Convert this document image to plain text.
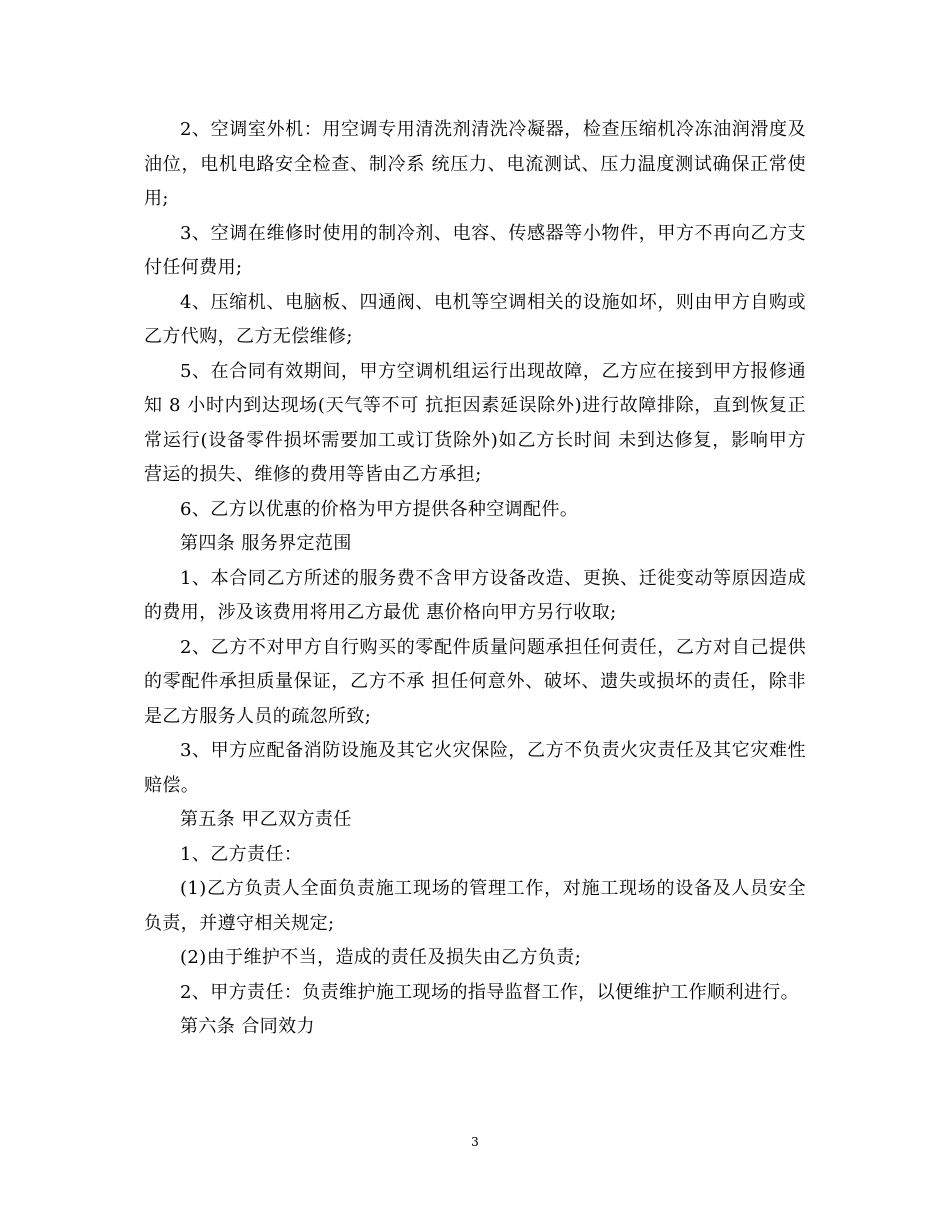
2、空调室外机：用空调专用清洗剂清洗冷凝器，检查压缩机冷冻油润滑度及油位，电机电路安全检查、制冷系 统压力、电流测试、压力温度测试确保正常使用;

3、空调在维修时使用的制冷剂、电容、传感器等小物件，甲方不再向乙方支付任何费用;

4、压缩机、电脑板、四通阀、电机等空调相关的设施如坏，则由甲方自购或乙方代购，乙方无偿维修;

5、在合同有效期间，甲方空调机组运行出现故障，乙方应在接到甲方报修通知 8 小时内到达现场(天气等不可 抗拒因素延误除外)进行故障排除，直到恢复正常运行(设备零件损坏需要加工或订货除外)如乙方长时间 未到达修复，影响甲方营运的损失、维修的费用等皆由乙方承担;

6、乙方以优惠的价格为甲方提供各种空调配件。

第四条 服务界定范围

1、本合同乙方所述的服务费不含甲方设备改造、更换、迁徙变动等原因造成的费用，涉及该费用将用乙方最优 惠价格向甲方另行收取;

2、乙方不对甲方自行购买的零配件质量问题承担任何责任，乙方对自己提供的零配件承担质量保证，乙方不承 担任何意外、破坏、遗失或损坏的责任，除非是乙方服务人员的疏忽所致;

3、甲方应配备消防设施及其它火灾保险，乙方不负责火灾责任及其它灾难性赔偿。

第五条 甲乙双方责任

1、乙方责任：

(1)乙方负责人全面负责施工现场的管理工作，对施工现场的设备及人员安全负责，并遵守相关规定;

(2)由于维护不当，造成的责任及损失由乙方负责;

2、甲方责任：负责维护施工现场的指导监督工作，以便维护工作顺利进行。

第六条 合同效力

3
